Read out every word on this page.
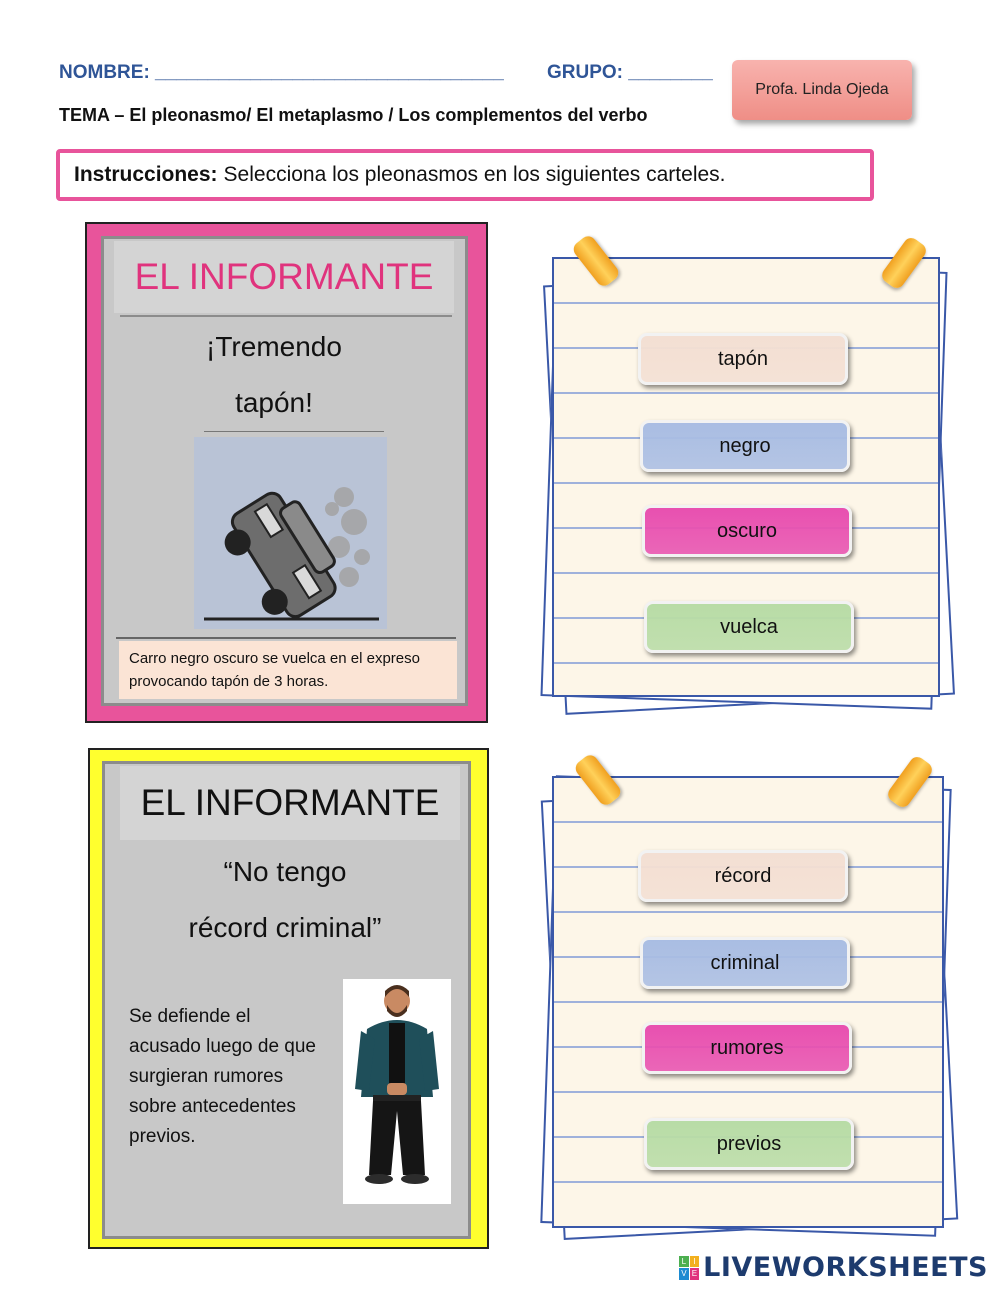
NOMBRE: _________________________________ GRUPO: ________
Profa. Linda Ojeda
TEMA – El pleonasmo/ El metaplasmo / Los complementos del verbo
Instrucciones: Selecciona los pleonasmos en los siguientes carteles.
EL INFORMANTE
¡Tremendo
tapón!
Carro negro oscuro se vuelca en el expreso
provocando tapón de 3 horas.
EL INFORMANTE
“No tengo
récord criminal”
Se defiende el
acusado luego de que
surgieran rumores
sobre antecedentes
previos.
tapón
negro
oscuro
vuelca
récord
criminal
rumores
previos
L I
V E LIVEWORKSHEETS
